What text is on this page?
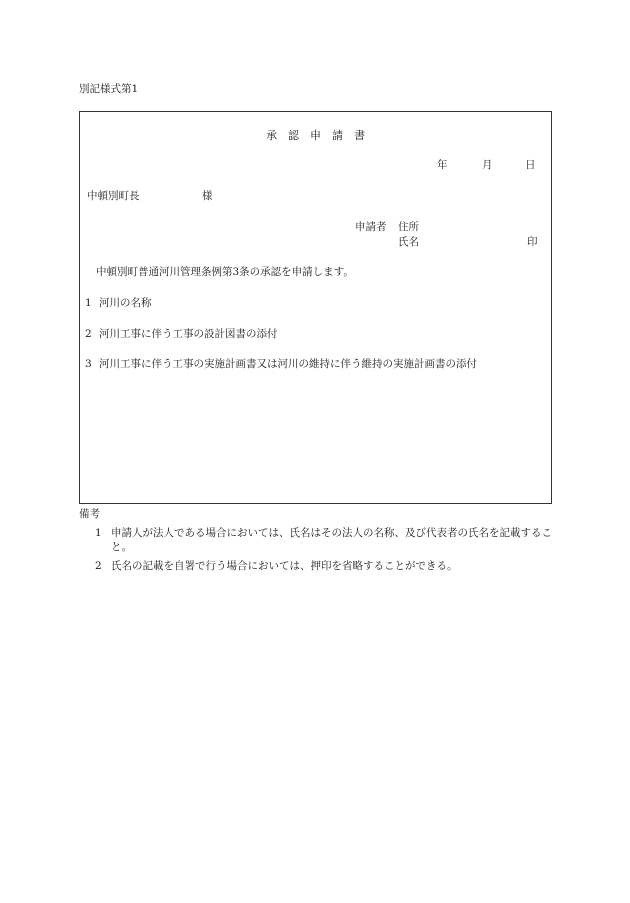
別記様式第1
承　認　申　請　書
年	月	日
中頓別町長	様
申請者 住所
氏名	印
中頓別町普通河川管理条例第3条の承認を申請します。
1 河川の名称
2 河川工事に伴う工事の設計図書の添付
3 河川工事に伴う工事の実施計画書又は河川の維持に伴う維持の実施計画書の添付
備考
1 申請人が法人である場合においては、氏名はその法人の名称、及び代表者の氏名を記載すること。
2 氏名の記載を自署で行う場合においては、押印を省略することができる。
